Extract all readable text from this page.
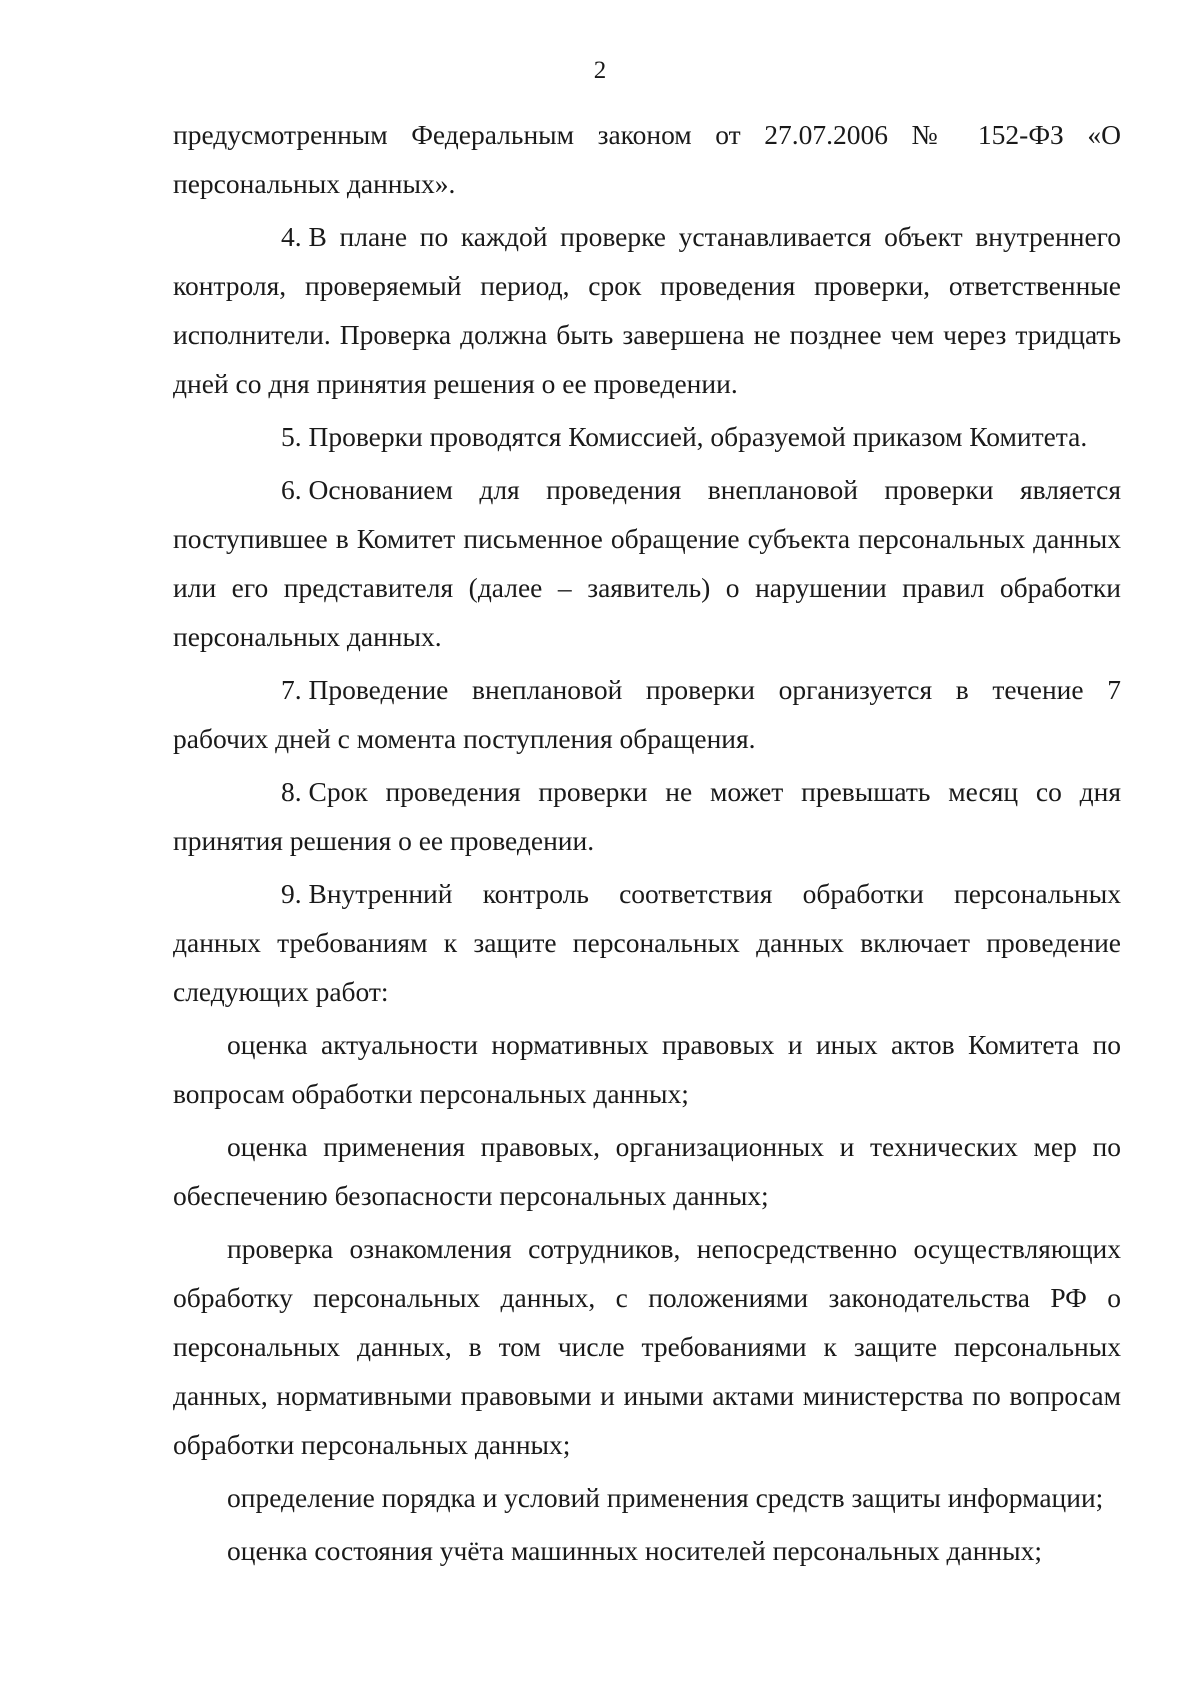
2

предусмотренным Федеральным законом от 27.07.2006 № 152-ФЗ «О персональных данных».

4. В плане по каждой проверке устанавливается объект внутреннего контроля, проверяемый период, срок проведения проверки, ответственные исполнители. Проверка должна быть завершена не позднее чем через тридцать дней со дня принятия решения о ее проведении.

5. Проверки проводятся Комиссией, образуемой приказом Комитета.

6. Основанием для проведения внеплановой проверки является поступившее в Комитет письменное обращение субъекта персональных данных или его представителя (далее – заявитель) о нарушении правил обработки персональных данных.

7. Проведение внеплановой проверки организуется в течение 7 рабочих дней с момента поступления обращения.

8. Срок проведения проверки не может превышать месяц со дня принятия решения о ее проведении.

9. Внутренний контроль соответствия обработки персональных данных требованиям к защите персональных данных включает проведение следующих работ:

оценка актуальности нормативных правовых и иных актов Комитета по вопросам обработки персональных данных;

оценка применения правовых, организационных и технических мер по обеспечению безопасности персональных данных;

проверка ознакомления сотрудников, непосредственно осуществляющих обработку персональных данных, с положениями законодательства РФ о персональных данных, в том числе требованиями к защите персональных данных, нормативными правовыми и иными актами министерства по вопросам обработки персональных данных;

определение порядка и условий применения средств защиты информации;

оценка состояния учёта машинных носителей персональных данных;
